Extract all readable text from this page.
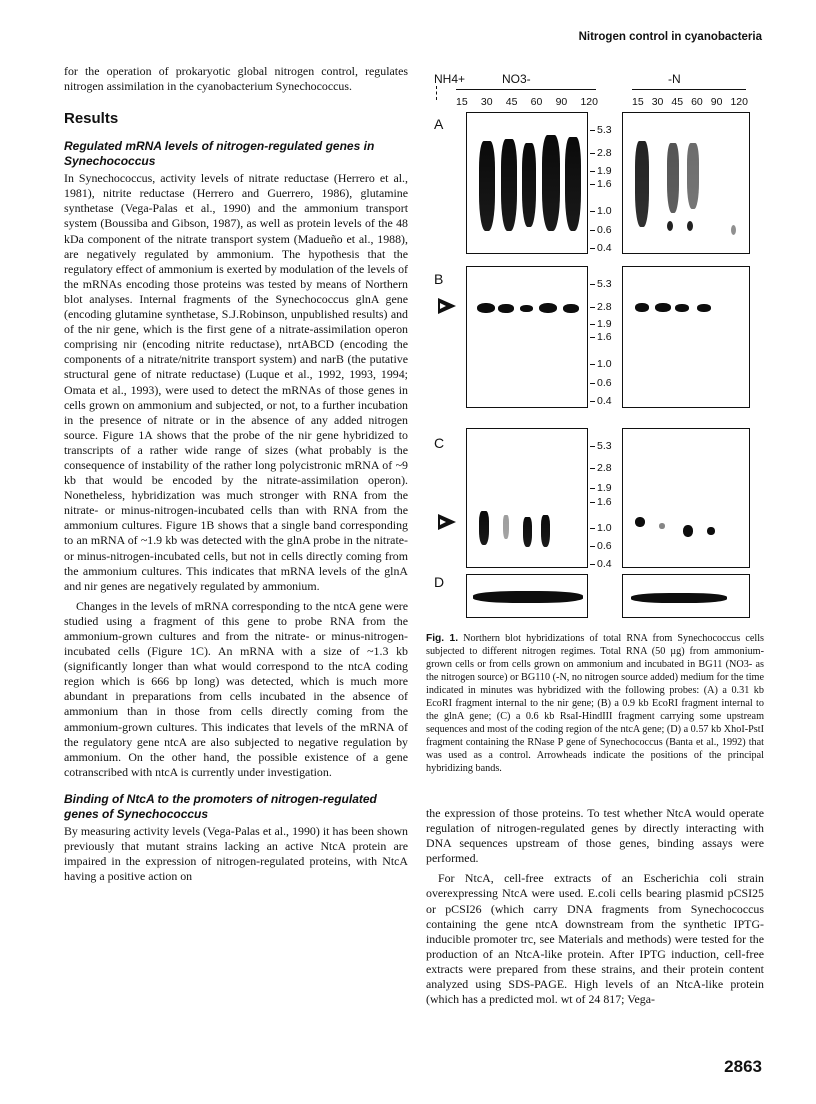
Nitrogen control in cyanobacteria

for the operation of prokaryotic global nitrogen control, regulates nitrogen assimilation in the cyanobacterium Synechococcus.

Results
Regulated mRNA levels of nitrogen-regulated genes in Synechococcus

In Synechococcus, activity levels of nitrate reductase (Herrero et al., 1981), nitrite reductase (Herrero and Guerrero, 1986), glutamine synthetase (Vega-Palas et al., 1990) and the ammonium transport system (Boussiba and Gibson, 1987), as well as protein levels of the 48 kDa component of the nitrate transport system (Madueño et al., 1988), are negatively regulated by ammonium. The hypothesis that the regulatory effect of ammonium is exerted by modulation of the levels of the mRNAs encoding those proteins was tested by means of Northern blot analyses. Internal fragments of the Synechococcus glnA gene (encoding glutamine synthetase, S.J.Robinson, unpublished results) and of the nir gene, which is the first gene of a nitrate-assimilation operon comprising nir (encoding nitrite reductase), nrtABCD (encoding the components of a nitrate/nitrite transport system) and narB (the putative structural gene of nitrate reductase) (Luque et al., 1992, 1993, 1994; Omata et al., 1993), were used to detect the mRNAs of those genes in cells grown on ammonium and subjected, or not, to a further incubation in the presence of nitrate or in the absence of any added nitrogen source. Figure 1A shows that the probe of the nir gene hybridized to transcripts of a rather wide range of sizes (what probably is the consequence of instability of the rather long polycistronic mRNA of ~9 kb that would be encoded by the nitrate-assimilation operon). Nonetheless, hybridization was much stronger with RNA from the nitrate- or minus-nitrogen-incubated cells than with RNA from the ammonium cultures. Figure 1B shows that a single band corresponding to an mRNA of ~1.9 kb was detected with the glnA probe in the nitrate- or minus-nitrogen-incubated cells, but not in cells directly coming from the ammonium cultures. This indicates that mRNA levels of the glnA and nir genes are negatively regulated by ammonium.

Changes in the levels of mRNA corresponding to the ntcA gene were studied using a fragment of this gene to probe RNA from the ammonium-grown cultures and from the nitrate- or minus-nitrogen-incubated cells (Figure 1C). An mRNA with a size of ~1.3 kb (significantly longer than what would correspond to the ntcA coding region which is 666 bp long) was detected, which is much more abundant in preparations from cells incubated in the absence of ammonium than in those from cells directly coming from the ammonium-grown cultures. This indicates that levels of the mRNA of the regulatory gene ntcA are also subjected to negative regulation by ammonium. On the other hand, the possible existence of a gene cotranscribed with ntcA is currently under investigation.

Binding of NtcA to the promoters of nitrogen-regulated genes of Synechococcus

By measuring activity levels (Vega-Palas et al., 1990) it has been shown previously that mutant strains lacking an active NtcA protein are impaired in the expression of nitrogen-regulated proteins, with NtcA having a positive action on

NH4+	NO3-	-N
15 30 45 60 90 120	15 30 45 60 90 120
A
B
C
D
5.3
2.8
1.9
1.6
1.0
0.6
0.4
5.3
2.8
1.9
1.6
1.0
0.6
0.4
5.3
2.8
1.9
1.6
1.0
0.6
0.4
Fig. 1. Northern blot hybridizations of total RNA from Synechococcus cells subjected to different nitrogen regimes. Total RNA (50 µg) from ammonium-grown cells or from cells grown on ammonium and incubated in BG11 (NO3- as the nitrogen source) or BG110 (-N, no nitrogen source added) medium for the time indicated in minutes was hybridized with the following probes: (A) a 0.31 kb EcoRI fragment internal to the nir gene; (B) a 0.9 kb EcoRI fragment internal to the glnA gene; (C) a 0.6 kb RsaI-HindIII fragment carrying some upstream sequences and most of the coding region of the ntcA gene; (D) a 0.57 kb XhoI-PstI fragment containing the RNase P gene of Synechococcus (Banta et al., 1992) that was used as a control. Arrowheads indicate the positions of the principal hybridizing bands.

the expression of those proteins. To test whether NtcA would operate regulation of nitrogen-regulated genes by directly interacting with DNA sequences upstream of those genes, binding assays were performed.

For NtcA, cell-free extracts of an Escherichia coli strain overexpressing NtcA were used. E.coli cells bearing plasmid pCSI25 or pCSI26 (which carry DNA fragments from Synechococcus containing the gene ntcA downstream from the synthetic IPTG-inducible promoter trc, see Materials and methods) were tested for the production of an NtcA-like protein. After IPTG induction, cell-free extracts were prepared from these strains, and their protein content analyzed using SDS-PAGE. High levels of an NtcA-like protein (which has a predicted mol. wt of 24 817; Vega-

2863
